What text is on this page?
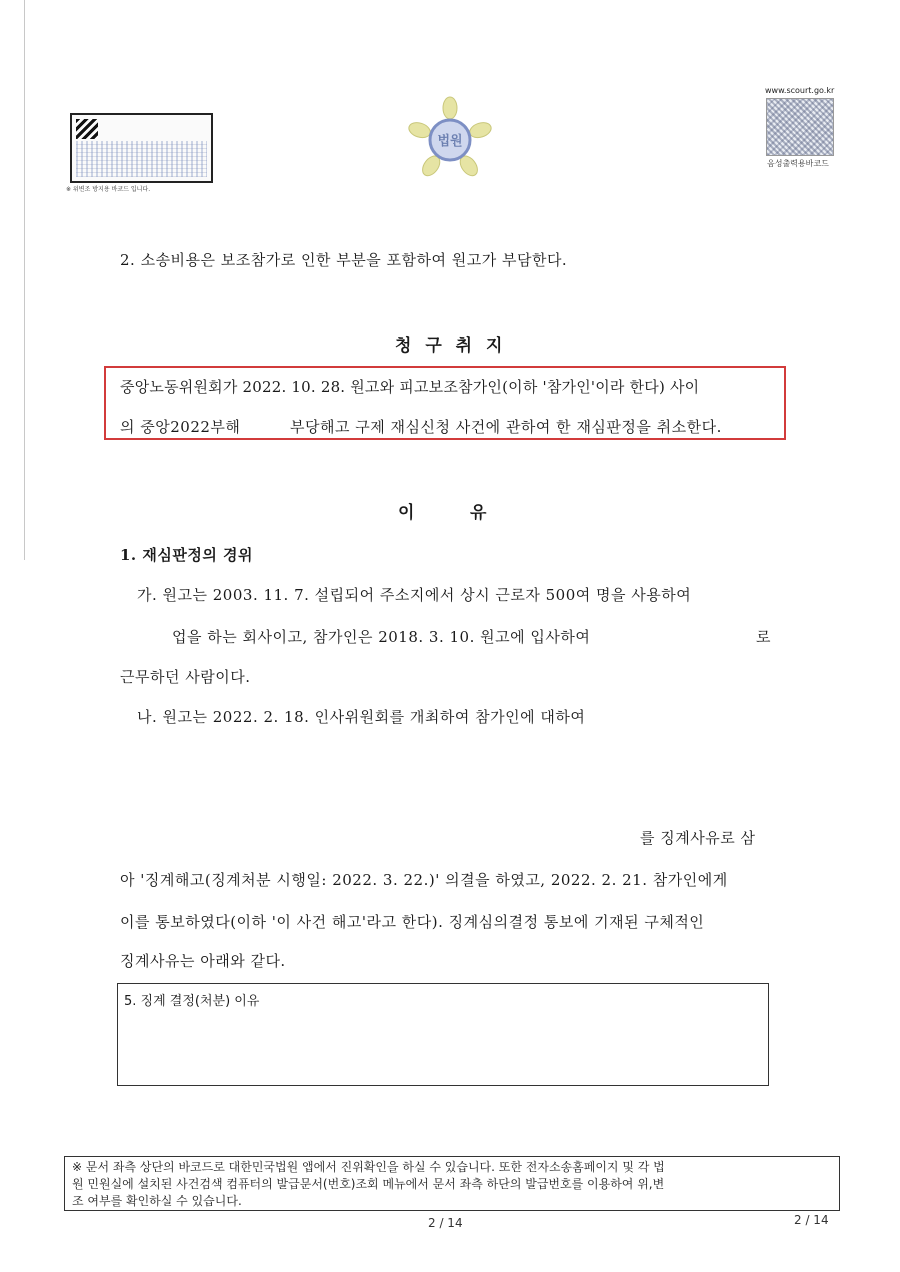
※ 위변조 방지용 바코드 입니다.
법원
www.scourt.go.kr
음성출력용바코드
2. 소송비용은 보조참가로 인한 부분을 포함하여 원고가 부담한다.
청 구 취 지
중앙노동위원회가 2022. 10. 28. 원고와 피고보조참가인(이하 '참가인'이라 한다) 사이
의 중앙2022부해	부당해고 구제 재심신청 사건에 관하여 한 재심판정을 취소한다.
이	유
1. 재심판정의 경위
가. 원고는 2003. 11. 7. 설립되어 주소지에서 상시 근로자 500여 명을 사용하여
업을 하는 회사이고, 참가인은 2018. 3. 10. 원고에 입사하여	로
근무하던 사람이다.
나. 원고는 2022. 2. 18. 인사위원회를 개최하여 참가인에 대하여
를 징계사유로 삼
아 '징계해고(징계처분 시행일: 2022. 3. 22.)' 의결을 하였고, 2022. 2. 21. 참가인에게
이를 통보하였다(이하 '이 사건 해고'라고 한다). 징계심의결정 통보에 기재된 구체적인
징계사유는 아래와 같다.
5. 징계 결정(처분) 이유
※ 문서 좌측 상단의 바코드로 대한민국법원 앱에서 진위확인을 하실 수 있습니다. 또한 전자소송홈페이지 및 각 법
원 민원실에 설치된 사건검색 컴퓨터의 발급문서(번호)조회 메뉴에서 문서 좌측 하단의 발급번호를 이용하여 위,변
조 여부를 확인하실 수 있습니다.
2 / 14	2 / 14
